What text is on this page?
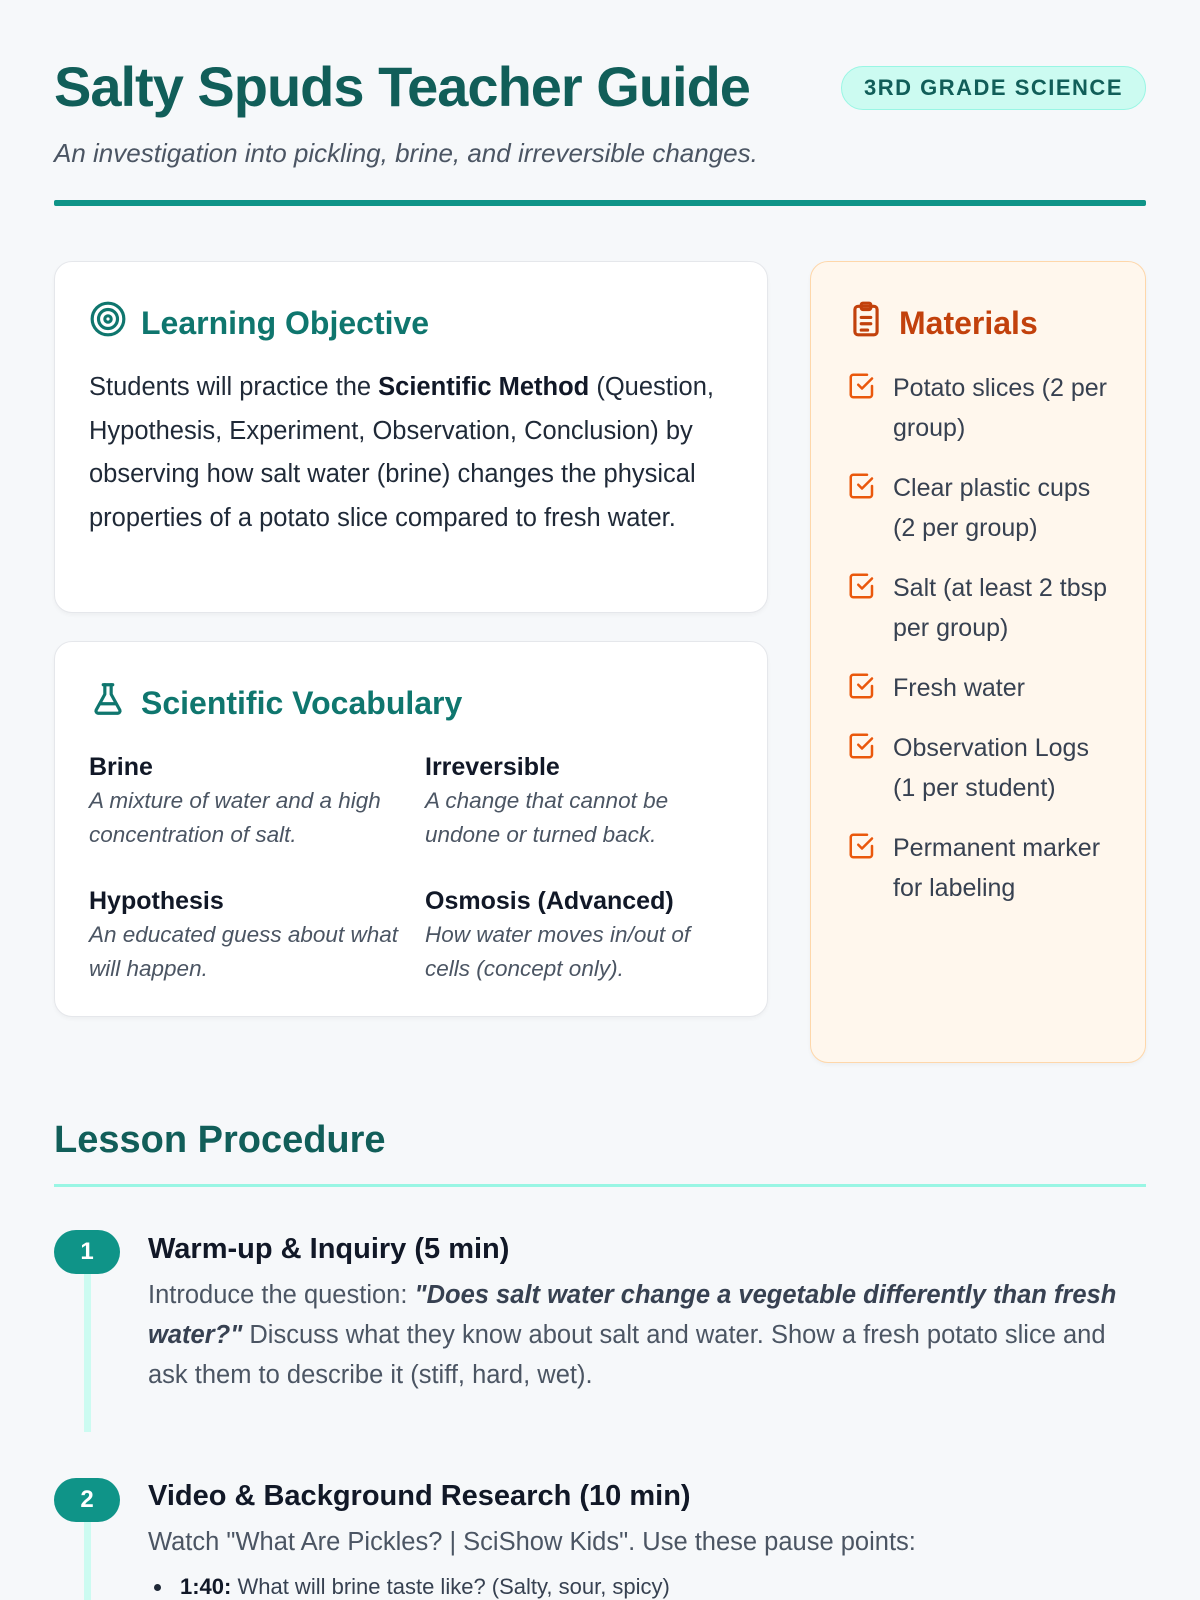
Salty Spuds Teacher Guide	3RD GRADE SCIENCE
An investigation into pickling, brine, and irreversible changes.
Learning Objective

Students will practice the Scientific Method (Question, Hypothesis, Experiment, Observation, Conclusion) by observing how salt water (brine) changes the physical properties of a potato slice compared to fresh water.

Scientific Vocabulary
Brine
A mixture of water and a high concentration of salt.
Irreversible
A change that cannot be undone or turned back.
Hypothesis
An educated guess about what will happen.
Osmosis (Advanced)
How water moves in/out of cells (concept only).
Materials
Potato slices (2 per group)
Clear plastic cups (2 per group)
Salt (at least 2 tbsp per group)
Fresh water
Observation Logs (1 per student)
Permanent marker for labeling
Lesson Procedure
1	Warm-up & Inquiry (5 min)

Introduce the question: "Does salt water change a vegetable differently than fresh water?" Discuss what they know about salt and water. Show a fresh potato slice and ask them to describe it (stiff, hard, wet).

2	Video & Background Research (10 min)

Watch "What Are Pickles? | SciShow Kids". Use these pause points:

1:40: What will brine taste like? (Salty, sour, spicy)
